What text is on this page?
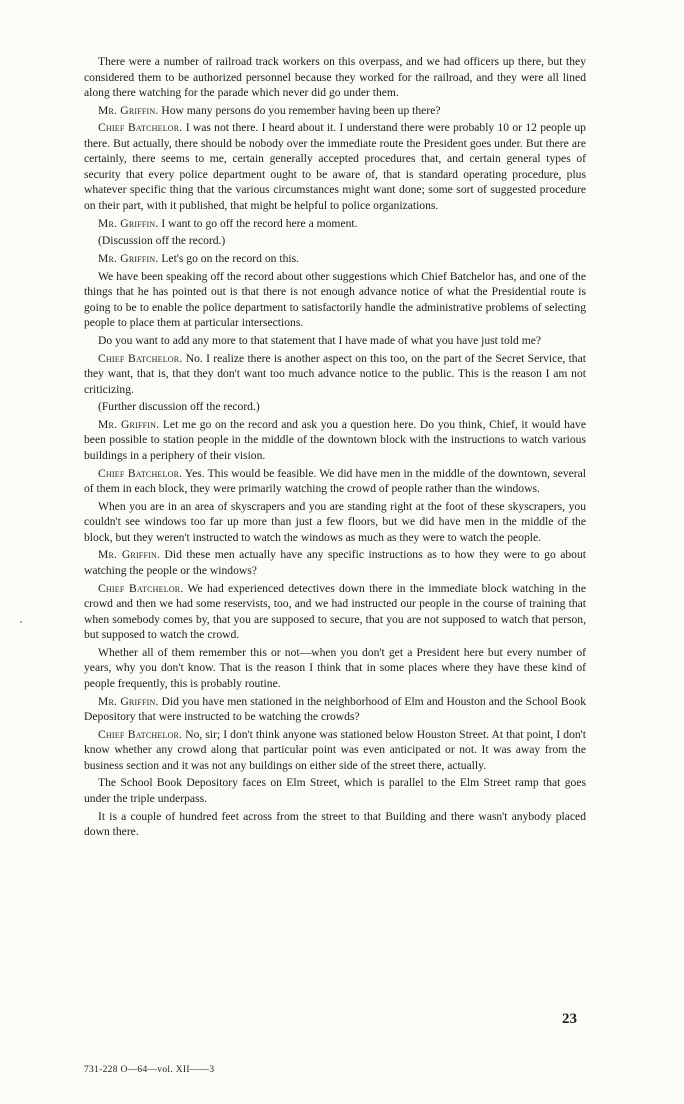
There were a number of railroad track workers on this overpass, and we had officers up there, but they considered them to be authorized personnel because they worked for the railroad, and they were all lined along there watching for the parade which never did go under them.

Mr. Griffin. How many persons do you remember having been up there?

Chief Batchelor. I was not there. I heard about it. I understand there were probably 10 or 12 people up there. But actually, there should be nobody over the immediate route the President goes under. But there are certainly, there seems to me, certain generally accepted procedures that, and certain general types of security that every police department ought to be aware of, that is standard operating procedure, plus whatever specific thing that the various circumstances might want done; some sort of suggested procedure on their part, with it published, that might be helpful to police organizations.

Mr. Griffin. I want to go off the record here a moment.

(Discussion off the record.)

Mr. Griffin. Let's go on the record on this.

We have been speaking off the record about other suggestions which Chief Batchelor has, and one of the things that he has pointed out is that there is not enough advance notice of what the Presidential route is going to be to enable the police department to satisfactorily handle the administrative problems of selecting people to place them at particular intersections.

Do you want to add any more to that statement that I have made of what you have just told me?

Chief Batchelor. No. I realize there is another aspect on this too, on the part of the Secret Service, that they want, that is, that they don't want too much advance notice to the public. This is the reason I am not criticizing.

(Further discussion off the record.)

Mr. Griffin. Let me go on the record and ask you a question here. Do you think, Chief, it would have been possible to station people in the middle of the downtown block with the instructions to watch various buildings in a periphery of their vision.

Chief Batchelor. Yes. This would be feasible. We did have men in the middle of the downtown, several of them in each block, they were primarily watching the crowd of people rather than the windows.

When you are in an area of skyscrapers and you are standing right at the foot of these skyscrapers, you couldn't see windows too far up more than just a few floors, but we did have men in the middle of the block, but they weren't instructed to watch the windows as much as they were to watch the people.

Mr. Griffin. Did these men actually have any specific instructions as to how they were to go about watching the people or the windows?

Chief Batchelor. We had experienced detectives down there in the immediate block watching in the crowd and then we had some reservists, too, and we had instructed our people in the course of training that when somebody comes by, that you are supposed to secure, that you are not supposed to watch that person, but supposed to watch the crowd.

Whether all of them remember this or not—when you don't get a President here but every number of years, why you don't know. That is the reason I think that in some places where they have these kind of people frequently, this is probably routine.

Mr. Griffin. Did you have men stationed in the neighborhood of Elm and Houston and the School Book Depository that were instructed to be watching the crowds?

Chief Batchelor. No, sir; I don't think anyone was stationed below Houston Street. At that point, I don't know whether any crowd along that particular point was even anticipated or not. It was away from the business section and it was not any buildings on either side of the street there, actually.

The School Book Depository faces on Elm Street, which is parallel to the Elm Street ramp that goes under the triple underpass.

It is a couple of hundred feet across from the street to that Building and there wasn't anybody placed down there.

23
731-228 O—64—vol. XII——3
